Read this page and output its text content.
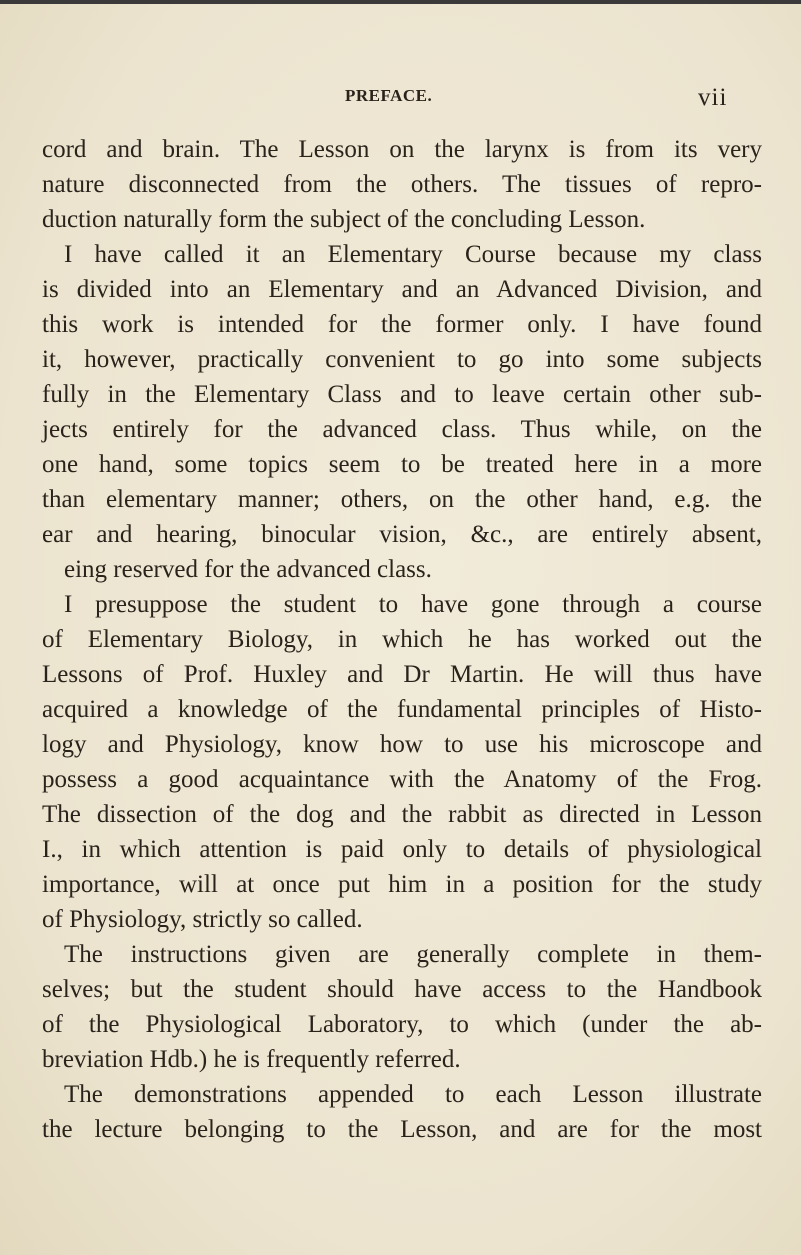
PREFACE.	vii
cord and brain. The Lesson on the larynx is from its very
nature disconnected from the others. The tissues of repro-
duction naturally form the subject of the concluding Lesson.
I have called it an Elementary Course because my class
is divided into an Elementary and an Advanced Division, and
this work is intended for the former only. I have found
it, however, practically convenient to go into some subjects
fully in the Elementary Class and to leave certain other sub-
jects entirely for the advanced class. Thus while, on the
one hand, some topics seem to be treated here in a more
than elementary manner; others, on the other hand, e.g. the
ear and hearing, binocular vision, &c., are entirely absent,
eing reserved for the advanced class.
I presuppose the student to have gone through a course
of Elementary Biology, in which he has worked out the
Lessons of Prof. Huxley and Dr Martin. He will thus have
acquired a knowledge of the fundamental principles of Histo-
logy and Physiology, know how to use his microscope and
possess a good acquaintance with the Anatomy of the Frog.
The dissection of the dog and the rabbit as directed in Lesson
I., in which attention is paid only to details of physiological
importance, will at once put him in a position for the study
of Physiology, strictly so called.
The instructions given are generally complete in them-
selves; but the student should have access to the Handbook
of the Physiological Laboratory, to which (under the ab-
breviation Hdb.) he is frequently referred.
The demonstrations appended to each Lesson illustrate
the lecture belonging to the Lesson, and are for the most
